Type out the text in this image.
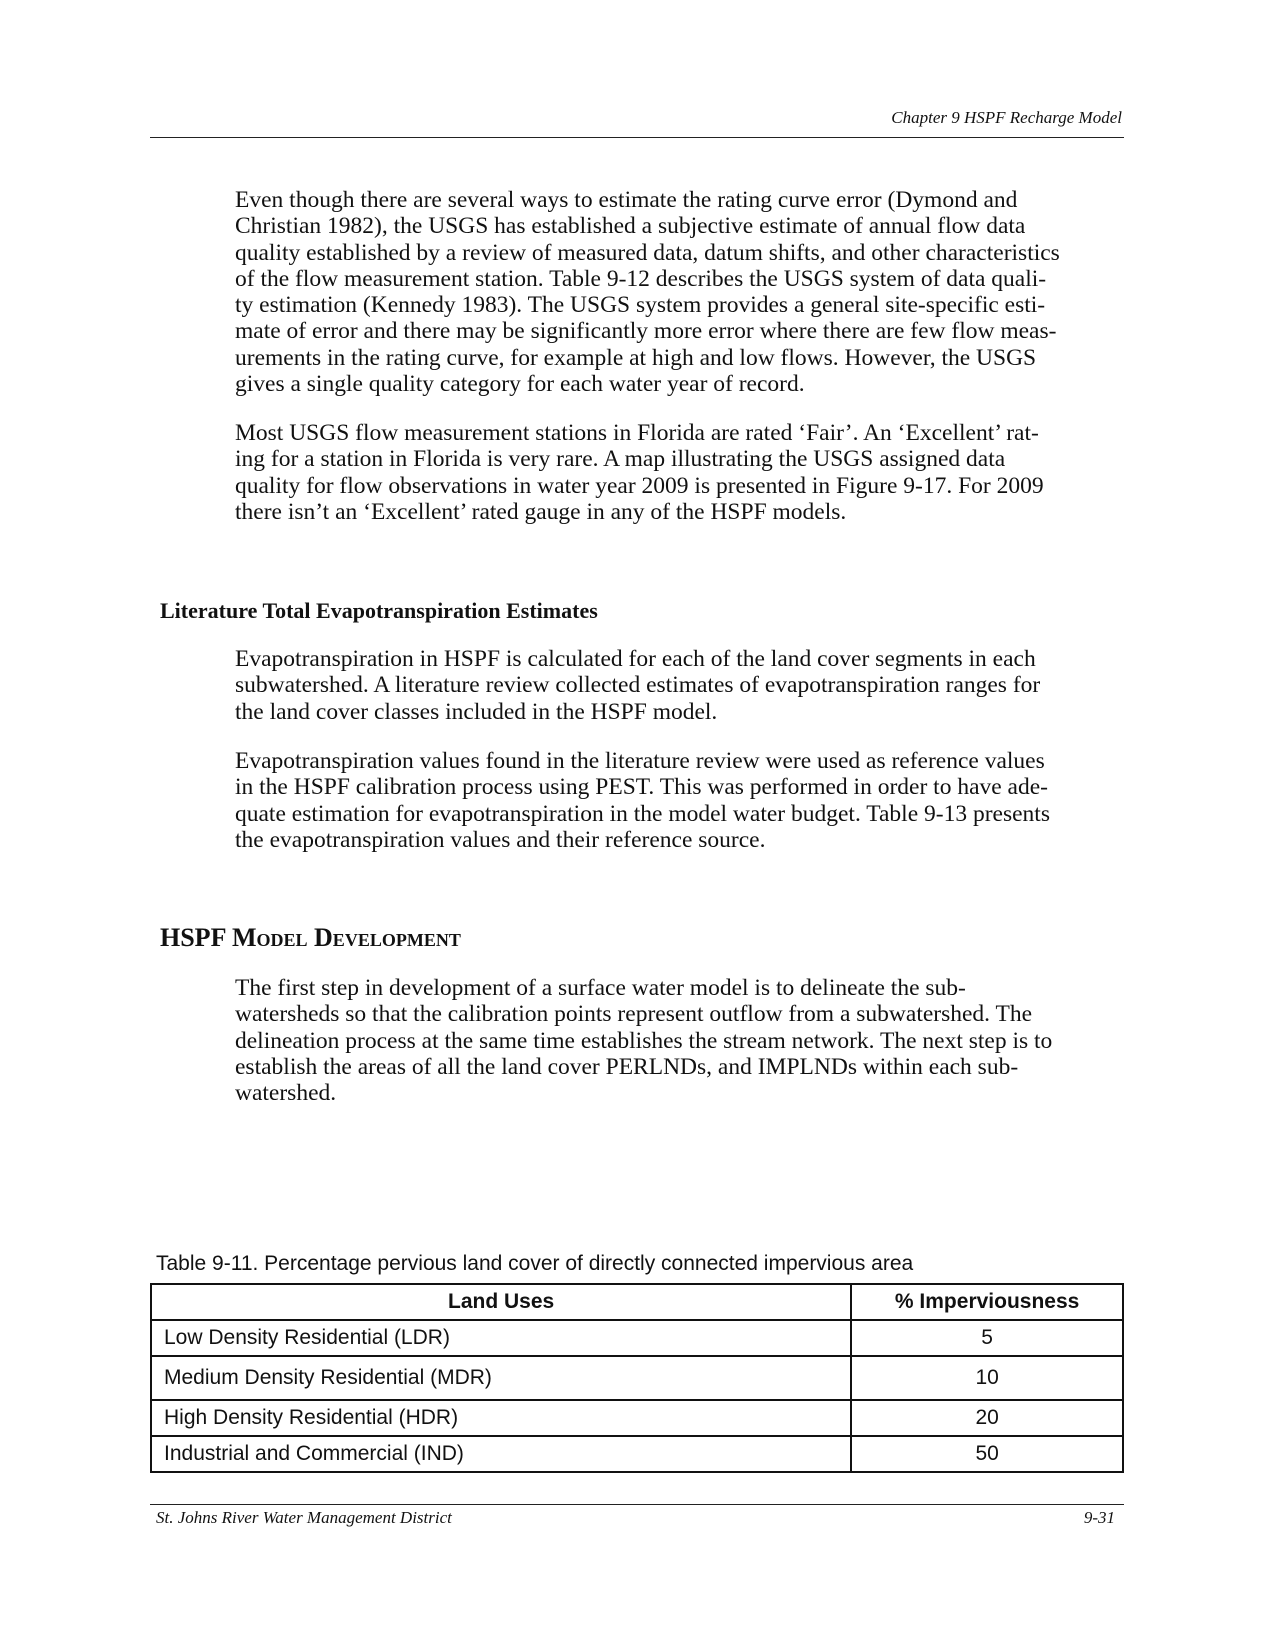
Chapter 9 HSPF Recharge Model

Even though there are several ways to estimate the rating curve error (Dymond and
Christian 1982), the USGS has established a subjective estimate of annual flow data
quality established by a review of measured data, datum shifts, and other characteristics
of the flow measurement station. Table 9-12 describes the USGS system of data quali-
ty estimation (Kennedy 1983). The USGS system provides a general site-specific esti-
mate of error and there may be significantly more error where there are few flow meas-
urements in the rating curve, for example at high and low flows. However, the USGS
gives a single quality category for each water year of record.

Most USGS flow measurement stations in Florida are rated ‘Fair’. An ‘Excellent’ rat-
ing for a station in Florida is very rare. A map illustrating the USGS assigned data
quality for flow observations in water year 2009 is presented in Figure 9-17. For 2009
there isn’t an ‘Excellent’ rated gauge in any of the HSPF models.

Literature Total Evapotranspiration Estimates

Evapotranspiration in HSPF is calculated for each of the land cover segments in each
subwatershed. A literature review collected estimates of evapotranspiration ranges for
the land cover classes included in the HSPF model.

Evapotranspiration values found in the literature review were used as reference values
in the HSPF calibration process using PEST. This was performed in order to have ade-
quate estimation for evapotranspiration in the model water budget. Table 9-13 presents
the evapotranspiration values and their reference source.

HSPF Model Development

The first step in development of a surface water model is to delineate the sub-
watersheds so that the calibration points represent outflow from a subwatershed. The
delineation process at the same time establishes the stream network. The next step is to
establish the areas of all the land cover PERLNDs, and IMPLNDs within each sub-
watershed.

Table 9-11. Percentage pervious land cover of directly connected impervious area

Land Uses	% Imperviousness
Low Density Residential (LDR)	5
Medium Density Residential (MDR)	10
High Density Residential (HDR)	20
Industrial and Commercial (IND)	50
St. Johns River Water Management District	9-31
